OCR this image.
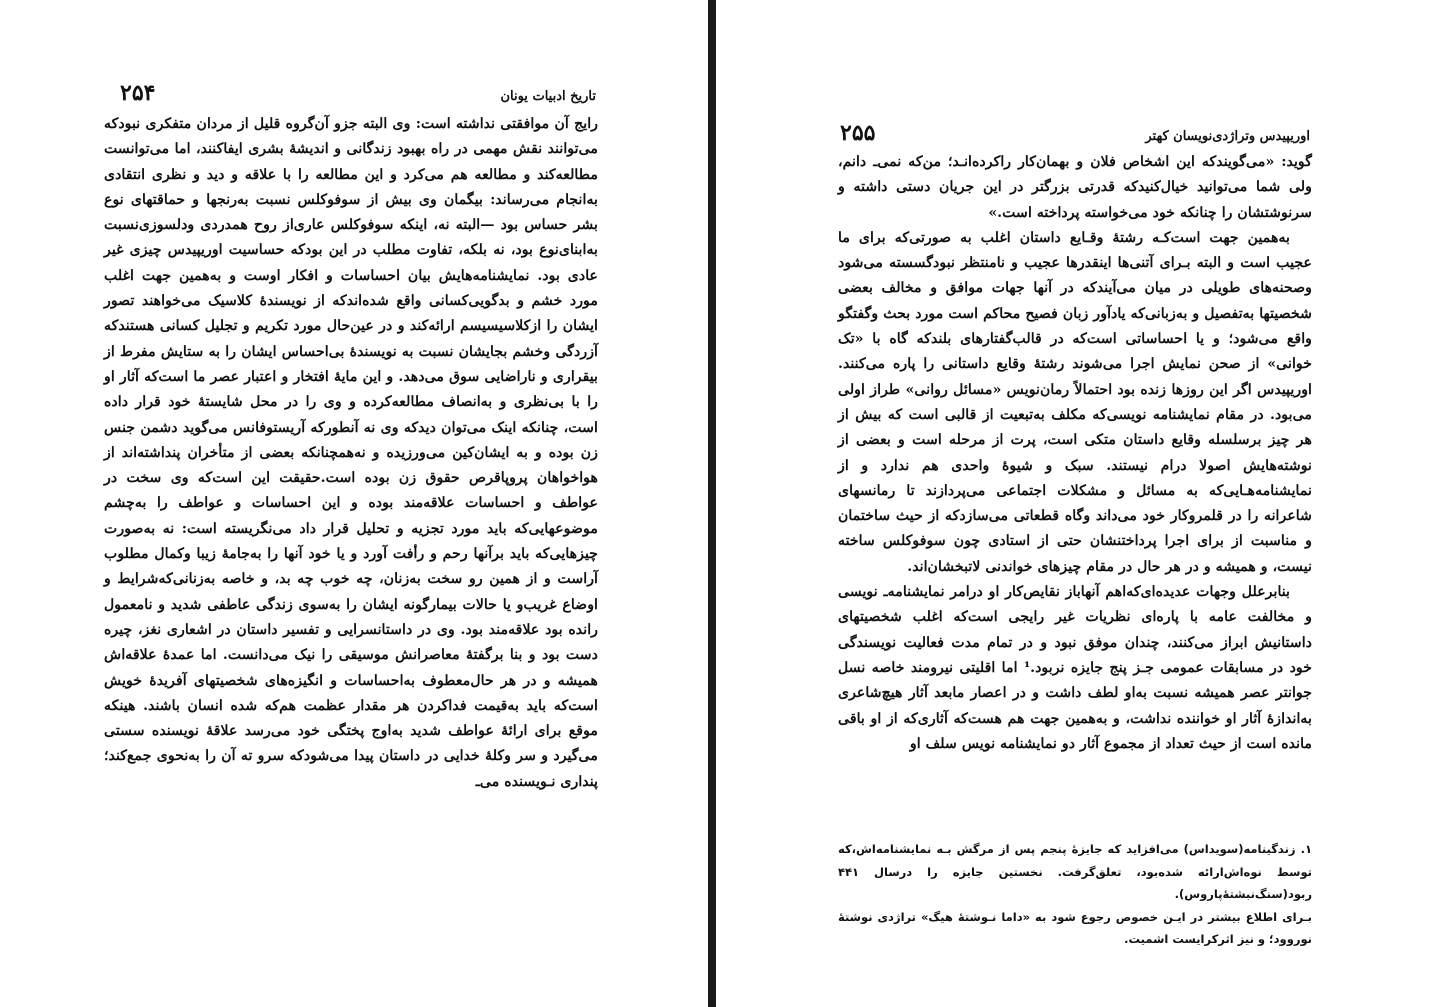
تاریخ ادبیات یونان
۲۵۴

رایج آن موافقتی نداشته است: وی البته جزو آن‌گروه قلیل از مردان متفکری نبودکه می‌توانند نقش مهمی در راه بهبود زندگانی و اندیشهٔ بشری ایفا‌کنند، اما می‌توانست مطالعه‌کند و مطالعه هم می‌کرد و این مطالعه را با علاقه و دید و نظری انتقادی به‌انجام می‌رساند: بیگمان وی بیش از سوفوکلس نسبت به‌رنجها و حماقتهای نوع بشر حساس بود —البته نه، اینکه سوفوکلس عاری‌از روح همدردی ودلسوزی‌نسبت به‌ابنای‌نوع بود، نه بلکه، تفاوت مطلب در این بودکه حساسیت اوریپیدس چیزی غیر عادی بود. نمایشنامه‌هایش بیان احساسات و افکار اوست و به‌همین جهت اغلب مورد خشم و بدگویی‌کسانی واقع شده‌اندکه از نویسندهٔ کلاسیک می‌خواهند تصور ایشان را ازکلاسیسیسم ارائه‌کند و در عین‌حال مورد تکریم و تجلیل کسانی هستندکه آزردگی وخشم بجایشان نسبت به نویسندهٔ بی‌احساس ایشان را به ستایش مفرط از بیقراری و ناراضایی سوق می‌دهد. و این مایهٔ افتخار و اعتبار عصر ما است‌که آثار او را با بی‌نظری و به‌انصاف مطالعه‌کرده و وی را در محل شایستهٔ خود قرار داده است، چنانکه اینک می‌توان دیدکه وی نه آنطورکه آریستوفانس می‌گوید دشمن جنس زن بوده و به ایشان‌کین می‌ورزیده و نه‌همچنانکه بعضی از متأخران پنداشته‌اند از هواخواهان پروپاقرص حقوق زن بوده است.حقیقت این است‌که وی سخت در عواطف و احساسات علاقه‌مند بوده و این احساسات و عواطف را به‌چشم موضوعهایی‌که باید مورد تجزیه و تحلیل قرار داد می‌نگریسته است: نه به‌صورت چیزهایی‌که باید برآنها رحم و رأفت آورد و یا خود آنها را به‌جامهٔ زیبا وکمال مطلوب آراست و از همین رو سخت به‌زنان، چه خوب چه بد، و خاصه به‌زنانی‌که‌شرایط و اوضاع غریب‌و یا حالات بیمارگونه ایشان را به‌سوی زندگی عاطفی شدید و نامعمول رانده بود علاقه‌مند بود. وی در داستانسرایی و تفسیر داستان در اشعاری نغز، چیره دست بود و بنا برگفتهٔ معاصرانش موسیقی را نیک می‌دانست. اما عمدهٔ علاقه‌اش همیشه و در هر حال‌معطوف به‌احساسات و انگیزه‌های شخصیتهای آفریده‌ٔ خویش است‌که باید به‌قیمت فدا‌کردن هر مقدار عظمت هم‌که شده انسان باشند. هینکه موقع برای ارائهٔ عواطف شدید به‌اوج پختگی خود می‌رسد علاقهٔ نویسنده سستی می‌گیرد و سر وکلهٔ خدایی در داستان پیدا می‌شودکه سرو ته آن را به‌نحوی جمع‌کند؛ پنداری نـویسنده می‌ـ

اوریپیدس وتراژدی‌نویسان کهتر
۲۵۵

گوید: «می‌گویندکه این اشخاص فلان و بهمان‌کار را‌کرده‌انـد؛ من‌که نمی‌ـ دانم، ولی شما می‌توانید خیال‌کنیدکه قدرتی بزرگتر در این جریان دستی داشته و سرنوشتشان را چنانکه خود می‌خواسته پرداخته است.»

به‌همین جهت است‌کـه رشتهٔ وقـایع داستان اغلب به صورتی‌که برای ما عجیب است و البته بـرای آتنی‌ها اینقدرها عجیب و نامنتظر نبودگسسته می‌شود وصحنه‌های طویلی در میان می‌آیندکه در آنها جهات موافق و مخالف بعضی شخصیتها به‌تفصیل و به‌زبانی‌که یادآور زبان فصیح محاکم است مورد بحث وگفتگو واقع می‌شود؛ و یا احساساتی است‌که در قالب‌گفتارهای بلندکه گاه با «تک‌ خوانی» از صحن نمایش اجرا می‌شوند رشتهٔ وقایع داستانی را پاره می‌کنند. اوریپیدس اگر این روزها زنده بود احتمالاً رمان‌نویس «مسائل روانی» طراز اولی می‌بود. در مقام نمایشنامه نویسی‌که مکلف به‌تبعیت از قالبی است که بیش از هر چیز برسلسله وقایع داستان متکی است، پرت از مرحله است و بعضی از نوشته‌هایش اصولا درام نیستند. سبک و شیوهٔ واحدی هم ندارد و از نمایشنامه‌هـایی‌که به مسائل و مشکلات اجتماعی می‌پردازند تا رمانسهای شاعرانه را در قلمروکار خود می‌داند وگاه قطعاتی می‌سازدکه از حیث ساختمان و مناسبت از برای اجرا پرداختنشان حتی از استادی چون سوفوکلس ساخته نیست، و همیشه و در هر حال در مقام چیزهای خواندنی لاتبخشان‌اند.

بنابرعلل وجهات عدیده‌ای‌که‌اهم آنهاباز نقایص‌کار او درامر نمایشنامه‌ـ نویسی و مخالفت عامه با پاره‌ای نظریات غیر رایجی است‌که اغلب شخصیتهای داستانیش ابراز می‌کنند، چندان موفق نبود و در تمام مدت فعالیت نویسندگی خود در مسابقات عمومی جـز پنج جایزه نربود.¹ اما اقلیتی نیرومند خاصه نسل جوانتر عصر همیشه نسبت به‌او لطف داشت و در اعصار مابعد آثار هیچ‌شاعری به‌اندازهٔ آثار او خواننده نداشت، و به‌همین جهت هم هست‌که آثاری‌که از او باقی مانده است از حیث تعداد از مجموع آثار دو نمایشنامه نویس سلف او

۱. زندگینامه(سویداس) می‌افزاید که جایزهٔ پنجم پس از مرگش بـه نمایشنامه‌اش‌،که توسط نوه‌اش‌ارائه شده‌بود، تعلق‌گرفت. نخستین جایزه را درسال ۴۴۱ ربود(سنگ‌نبشتهٔ‌پاروس).

بـرای اطلاع بیشتر در ایـن خصوص رجوع شود به «داما نـوشتهٔ هیگ» تراژدی نوشتهٔ نوروود؛ و نیز اثرکرایست اشمیت.
